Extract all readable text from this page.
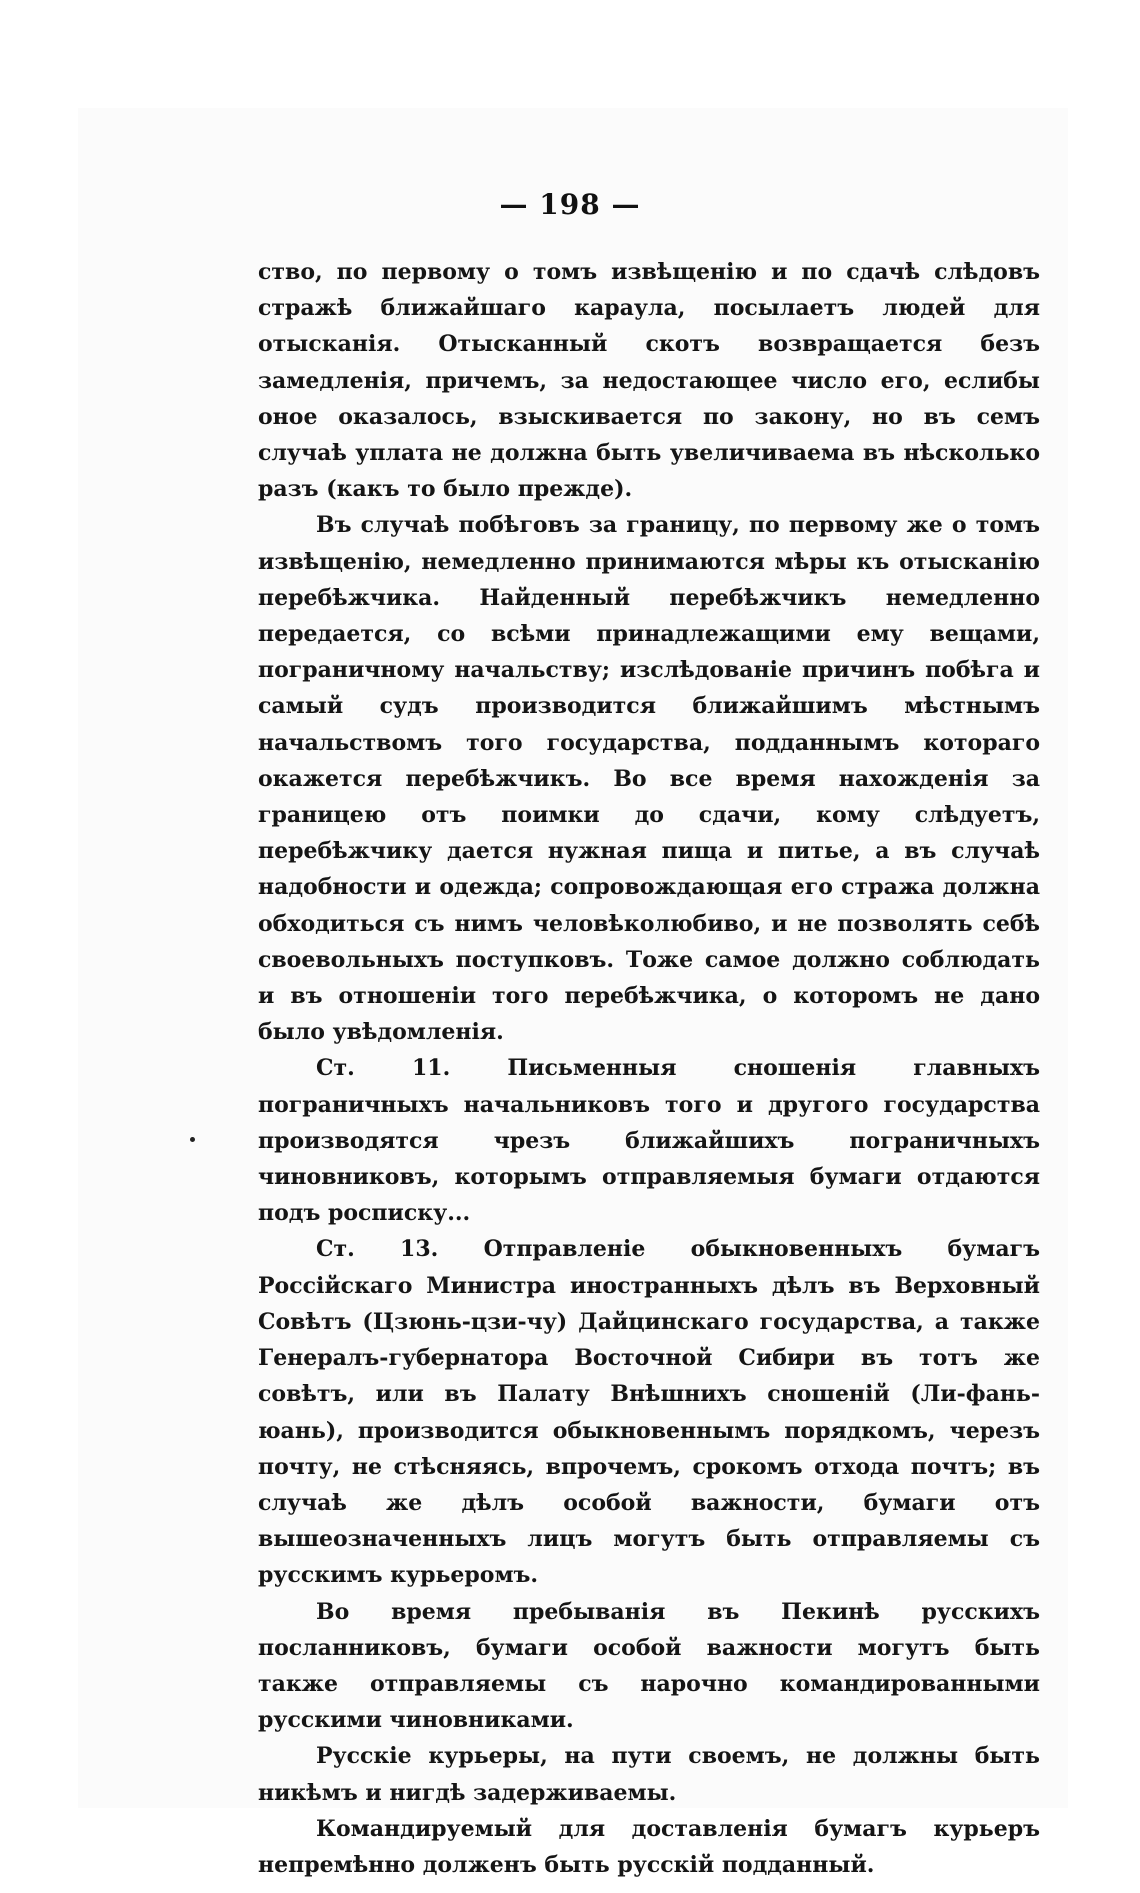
— 198 —

ство, по первому о томъ извѣщенію и по сдачѣ слѣдовъ стражѣ ближайшаго караула, посылаетъ людей для отысканія. Отысканный скотъ возвращается безъ замедленія, причемъ, за недостающее число его, еслибы оное оказалось, взыскивается по закону, но въ семъ случаѣ уплата не должна быть увеличиваема въ нѣсколько разъ (какъ то было прежде).

Въ случаѣ побѣговъ за границу, по первому же о томъ извѣщенію, немедленно принимаются мѣры къ отысканію перебѣжчика. Найденный перебѣжчикъ немедленно передается, со всѣми принадлежащими ему вещами, пограничному начальству; изслѣдованіе причинъ побѣга и самый судъ производится ближайшимъ мѣстнымъ начальствомъ того государства, подданнымъ котораго окажется перебѣжчикъ. Во все время нахожденія за границею отъ поимки до сдачи, кому слѣдуетъ, перебѣжчику дается нужная пища и питье, а въ случаѣ надобности и одежда; сопровождающая его стража должна обходиться съ нимъ человѣколюбиво, и не позволять себѣ своевольныхъ поступковъ. Тоже самое должно соблюдать и въ отношеніи того перебѣжчика, о которомъ не дано было увѣдомленія.

Ст. 11. Письменныя сношенія главныхъ пограничныхъ начальниковъ того и другого государства производятся чрезъ ближайшихъ пограничныхъ чиновниковъ, которымъ отправляемыя бумаги отдаются подъ росписку...

Ст. 13. Отправленіе обыкновенныхъ бумагъ Россійскаго Министра иностранныхъ дѣлъ въ Верховный Совѣтъ (Цзюнь-цзи-чу) Дайцинскаго государства, а также Генералъ-губернатора Восточной Сибири въ тотъ же совѣтъ, или въ Палату Внѣшнихъ сношеній (Ли-фань-юань), производится обыкновеннымъ порядкомъ, черезъ почту, не стѣсняясь, впрочемъ, срокомъ отхода почтъ; въ случаѣ же дѣлъ особой важности, бумаги отъ вышеозначенныхъ лицъ могутъ быть отправляемы съ русскимъ курьеромъ.

Во время пребыванія въ Пекинѣ русскихъ посланниковъ, бумаги особой важности могутъ быть также отправляемы съ нарочно командированными русскими чиновниками.

Русскіе курьеры, на пути своемъ, не должны быть никѣмъ и нигдѣ задерживаемы.

Командируемый для доставленія бумагъ курьеръ непремѣнно долженъ быть русскій подданный.
